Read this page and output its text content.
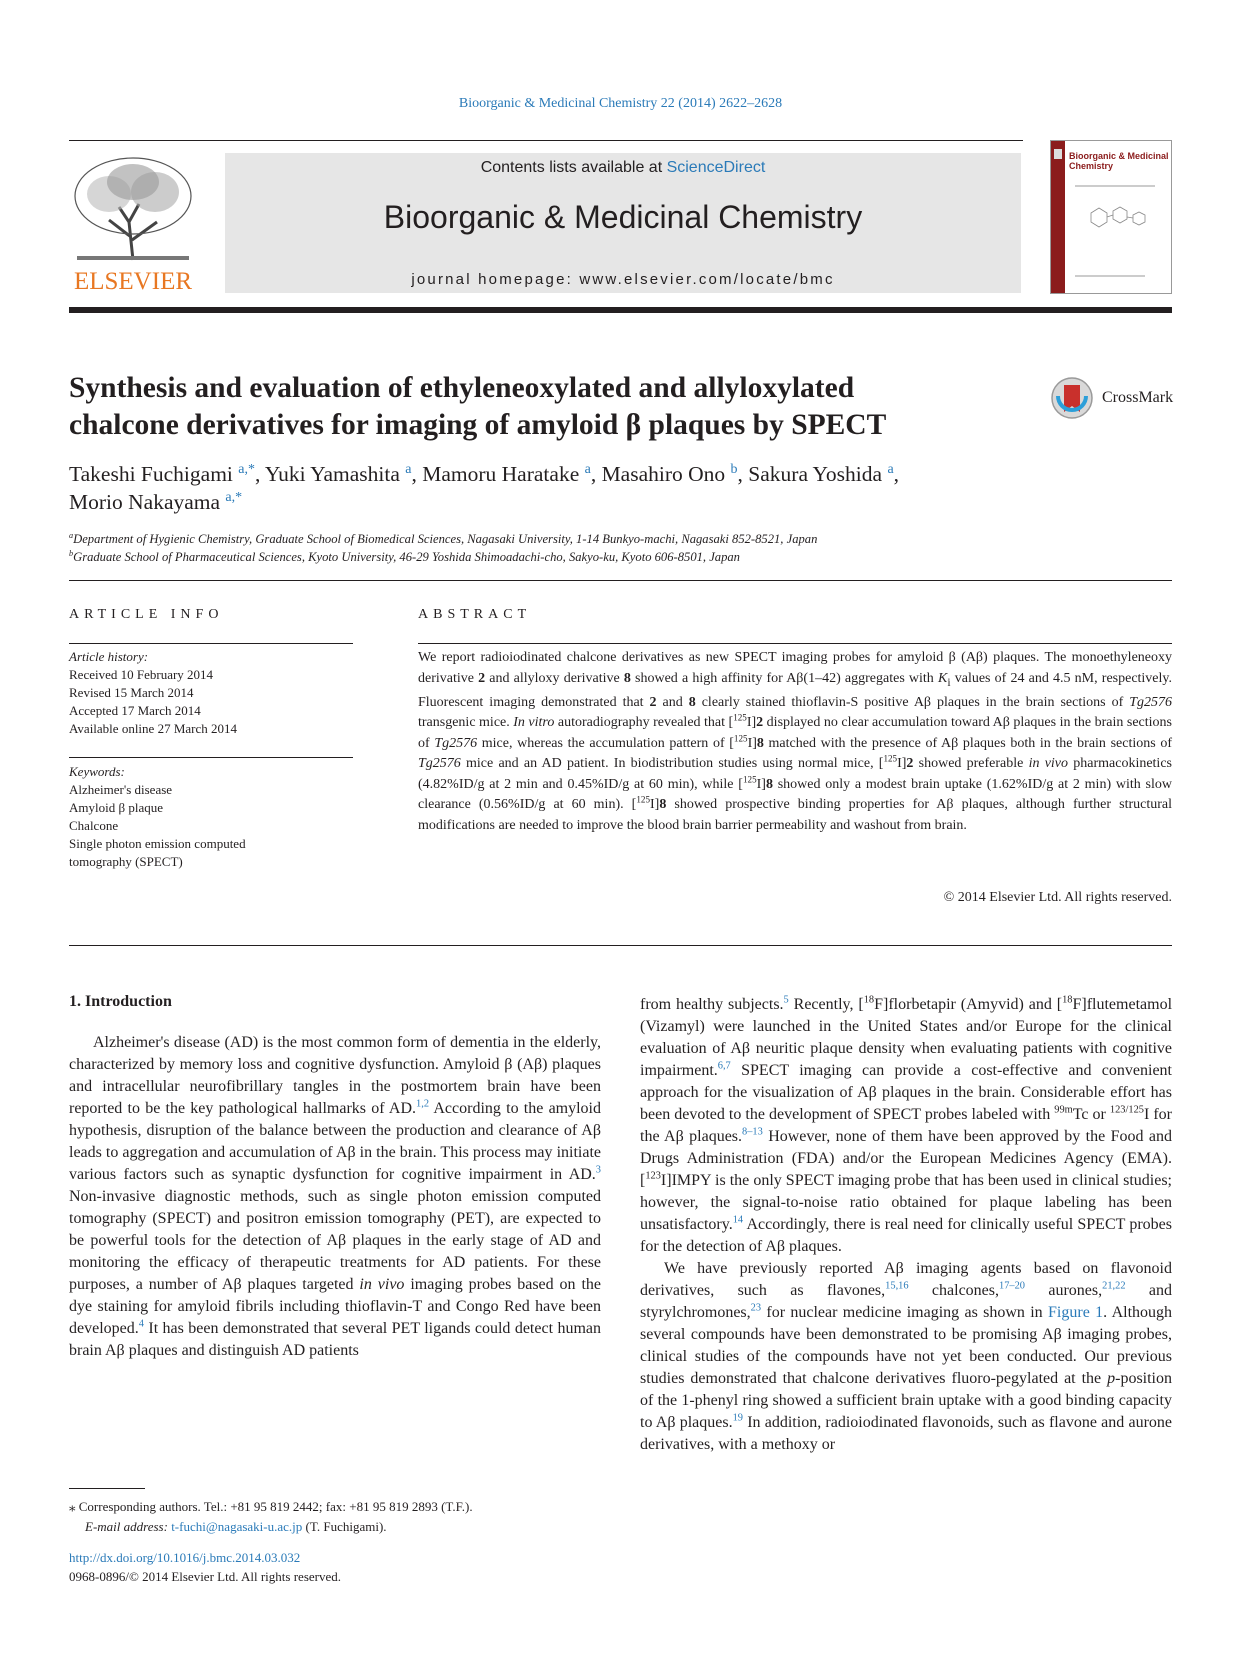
Bioorganic & Medicinal Chemistry 22 (2014) 2622–2628
ELSEVIER
Contents lists available at ScienceDirect
Bioorganic & Medicinal Chemistry
journal homepage: www.elsevier.com/locate/bmc
Bioorganic & Medicinal Chemistry
Synthesis and evaluation of ethyleneoxylated and allyloxylated
chalcone derivatives for imaging of amyloid β plaques by SPECT
CrossMark
Takeshi Fuchigami $^{a,*}$, Yuki Yamashita $^a$, Mamoru Haratake $^a$, Masahiro Ono $^b$, Sakura Yoshida $^a$,
Morio Nakayama $^{a,*}$
$^a$Department of Hygienic Chemistry, Graduate School of Biomedical Sciences, Nagasaki University, 1-14 Bunkyo-machi, Nagasaki 852-8521, Japan
$^b$Graduate School of Pharmaceutical Sciences, Kyoto University, 46-29 Yoshida Shimoadachi-cho, Sakyo-ku, Kyoto 606-8501, Japan
ARTICLE INFO
Article history:
Received 10 February 2014
Revised 15 March 2014
Accepted 17 March 2014
Available online 27 March 2014
Keywords:
Alzheimer's disease
Amyloid β plaque
Chalcone
Single photon emission computed
tomography (SPECT)
ABSTRACT
We report radioiodinated chalcone derivatives as new SPECT imaging probes for amyloid β (Aβ) plaques. The monoethyleneoxy derivative 2 and allyloxy derivative 8 showed a high affinity for Aβ(1–42) aggregates with $K_i$ values of 24 and 4.5 nM, respectively. Fluorescent imaging demonstrated that 2 and 8 clearly stained thioflavin-S positive Aβ plaques in the brain sections of Tg2576 transgenic mice. In vitro autoradiography revealed that [$^{125}$I]2 displayed no clear accumulation toward Aβ plaques in the brain sections of Tg2576 mice, whereas the accumulation pattern of [$^{125}$I]8 matched with the presence of Aβ plaques both in the brain sections of Tg2576 mice and an AD patient. In biodistribution studies using normal mice, [$^{125}$I]2 showed preferable in vivo pharmacokinetics (4.82%ID/g at 2 min and 0.45%ID/g at 60 min), while [$^{125}$I]8 showed only a modest brain uptake (1.62%ID/g at 2 min) with slow clearance (0.56%ID/g at 60 min). [$^{125}$I]8 showed prospective binding properties for Aβ plaques, although further structural modifications are needed to improve the blood brain barrier permeability and washout from brain.
© 2014 Elsevier Ltd. All rights reserved.
1. Introduction

Alzheimer's disease (AD) is the most common form of dementia in the elderly, characterized by memory loss and cognitive dysfunction. Amyloid β (Aβ) plaques and intracellular neurofibrillary tangles in the postmortem brain have been reported to be the key pathological hallmarks of AD.$^{1,2}$ According to the amyloid hypothesis, disruption of the balance between the production and clearance of Aβ leads to aggregation and accumulation of Aβ in the brain. This process may initiate various factors such as synaptic dysfunction for cognitive impairment in AD.$^3$ Non-invasive diagnostic methods, such as single photon emission computed tomography (SPECT) and positron emission tomography (PET), are expected to be powerful tools for the detection of Aβ plaques in the early stage of AD and monitoring the efficacy of therapeutic treatments for AD patients. For these purposes, a number of Aβ plaques targeted in vivo imaging probes based on the dye staining for amyloid fibrils including thioflavin-T and Congo Red have been developed.$^4$ It has been demonstrated that several PET ligands could detect human brain Aβ plaques and distinguish AD patients

from healthy subjects.$^5$ Recently, [$^{18}$F]florbetapir (Amyvid) and [$^{18}$F]flutemetamol (Vizamyl) were launched in the United States and/or Europe for the clinical evaluation of Aβ neuritic plaque density when evaluating patients with cognitive impairment.$^{6,7}$ SPECT imaging can provide a cost-effective and convenient approach for the visualization of Aβ plaques in the brain. Considerable effort has been devoted to the development of SPECT probes labeled with $^{99m}$Tc or $^{123/125}$I for the Aβ plaques.$^{8-13}$ However, none of them have been approved by the Food and Drugs Administration (FDA) and/or the European Medicines Agency (EMA). [$^{123}$I]IMPY is the only SPECT imaging probe that has been used in clinical studies; however, the signal-to-noise ratio obtained for plaque labeling has been unsatisfactory.$^{14}$ Accordingly, there is real need for clinically useful SPECT probes for the detection of Aβ plaques.

We have previously reported Aβ imaging agents based on flavonoid derivatives, such as flavones,$^{15,16}$ chalcones,$^{17-20}$ aurones,$^{21,22}$ and styrylchromones,$^{23}$ for nuclear medicine imaging as shown in Figure 1. Although several compounds have been demonstrated to be promising Aβ imaging probes, clinical studies of the compounds have not yet been conducted. Our previous studies demonstrated that chalcone derivatives fluoro-pegylated at the p-position of the 1-phenyl ring showed a sufficient brain uptake with a good binding capacity to Aβ plaques.$^{19}$ In addition, radioiodinated flavonoids, such as flavone and aurone derivatives, with a methoxy or

⁎ Corresponding authors. Tel.: +81 95 819 2442; fax: +81 95 819 2893 (T.F.).
E-mail address: t-fuchi@nagasaki-u.ac.jp (T. Fuchigami).
http://dx.doi.org/10.1016/j.bmc.2014.03.032
0968-0896/© 2014 Elsevier Ltd. All rights reserved.
